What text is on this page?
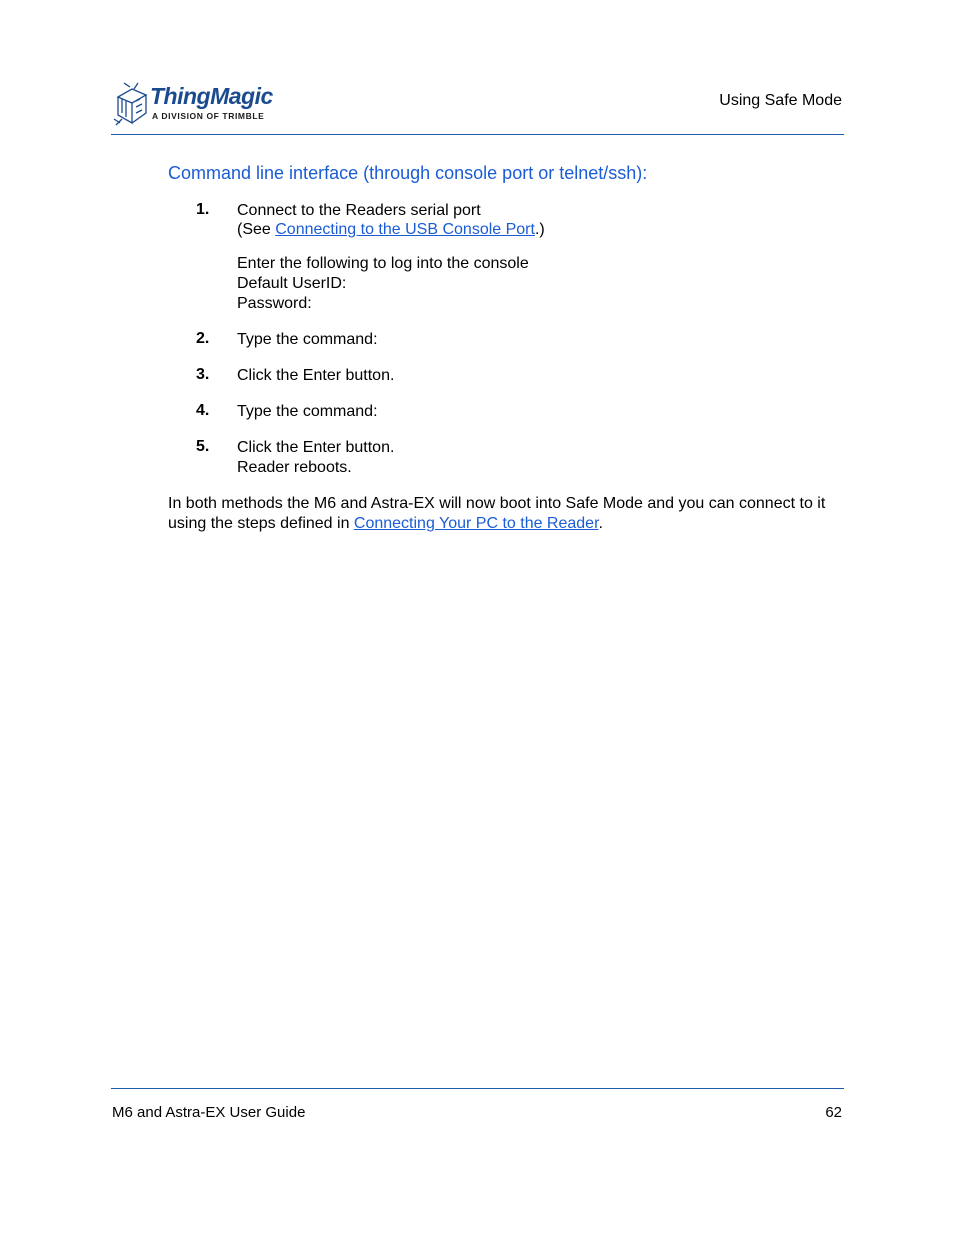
ThingMagic
A DIVISION OF TRIMBLE
Using Safe Mode
Command line interface (through console port or telnet/ssh):
1. Connect to the Readers serial port
(See Connecting to the USB Console Port.)
Enter the following to log into the console
Default UserID:
Password:
2. Type the command:
3. Click the Enter button.
4. Type the command:
5. Click the Enter button.
Reader reboots.
In both methods the M6 and Astra-EX will now boot into Safe Mode and you can connect to it using the steps defined in Connecting Your PC to the Reader.
M6 and Astra-EX User Guide	62
